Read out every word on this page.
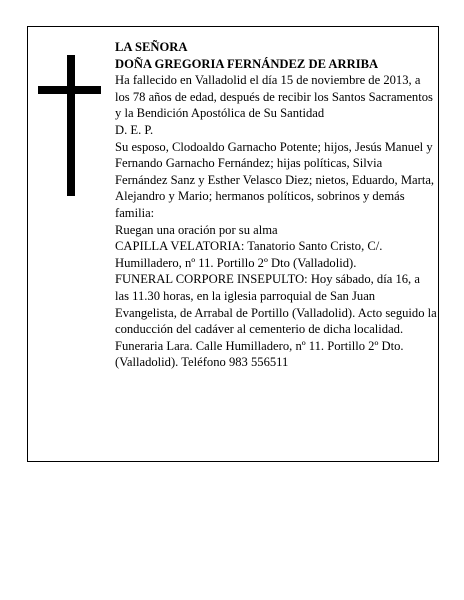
LA SEÑORA

DOÑA GREGORIA FERNÁNDEZ DE ARRIBA

Ha fallecido en Valladolid el día 15 de noviembre de 2013, a los 78 años de edad, después de recibir los Santos Sacramentos y la Bendición Apostólica de Su Santidad

D. E. P.

Su esposo, Clodoaldo Garnacho Potente; hijos, Jesús Manuel y Fernando Garnacho Fernández; hijas políticas, Silvia Fernández Sanz y Esther Velasco Diez; nietos, Eduardo, Marta, Alejandro y Mario; hermanos políticos, sobrinos y demás familia:

Ruegan una oración por su alma

CAPILLA VELATORIA: Tanatorio Santo Cristo, C/. Humilladero, nº 11. Portillo 2º Dto (Valladolid).

FUNERAL CORPORE INSEPULTO: Hoy sábado, día 16, a las 11.30 horas, en la iglesia parroquial de San Juan Evangelista, de Arrabal de Portillo (Valladolid). Acto seguido la conducción del cadáver al cementerio de dicha localidad.

Funeraria Lara. Calle Humilladero, nº 11. Portillo 2º Dto. (Valladolid). Teléfono 983 556511
